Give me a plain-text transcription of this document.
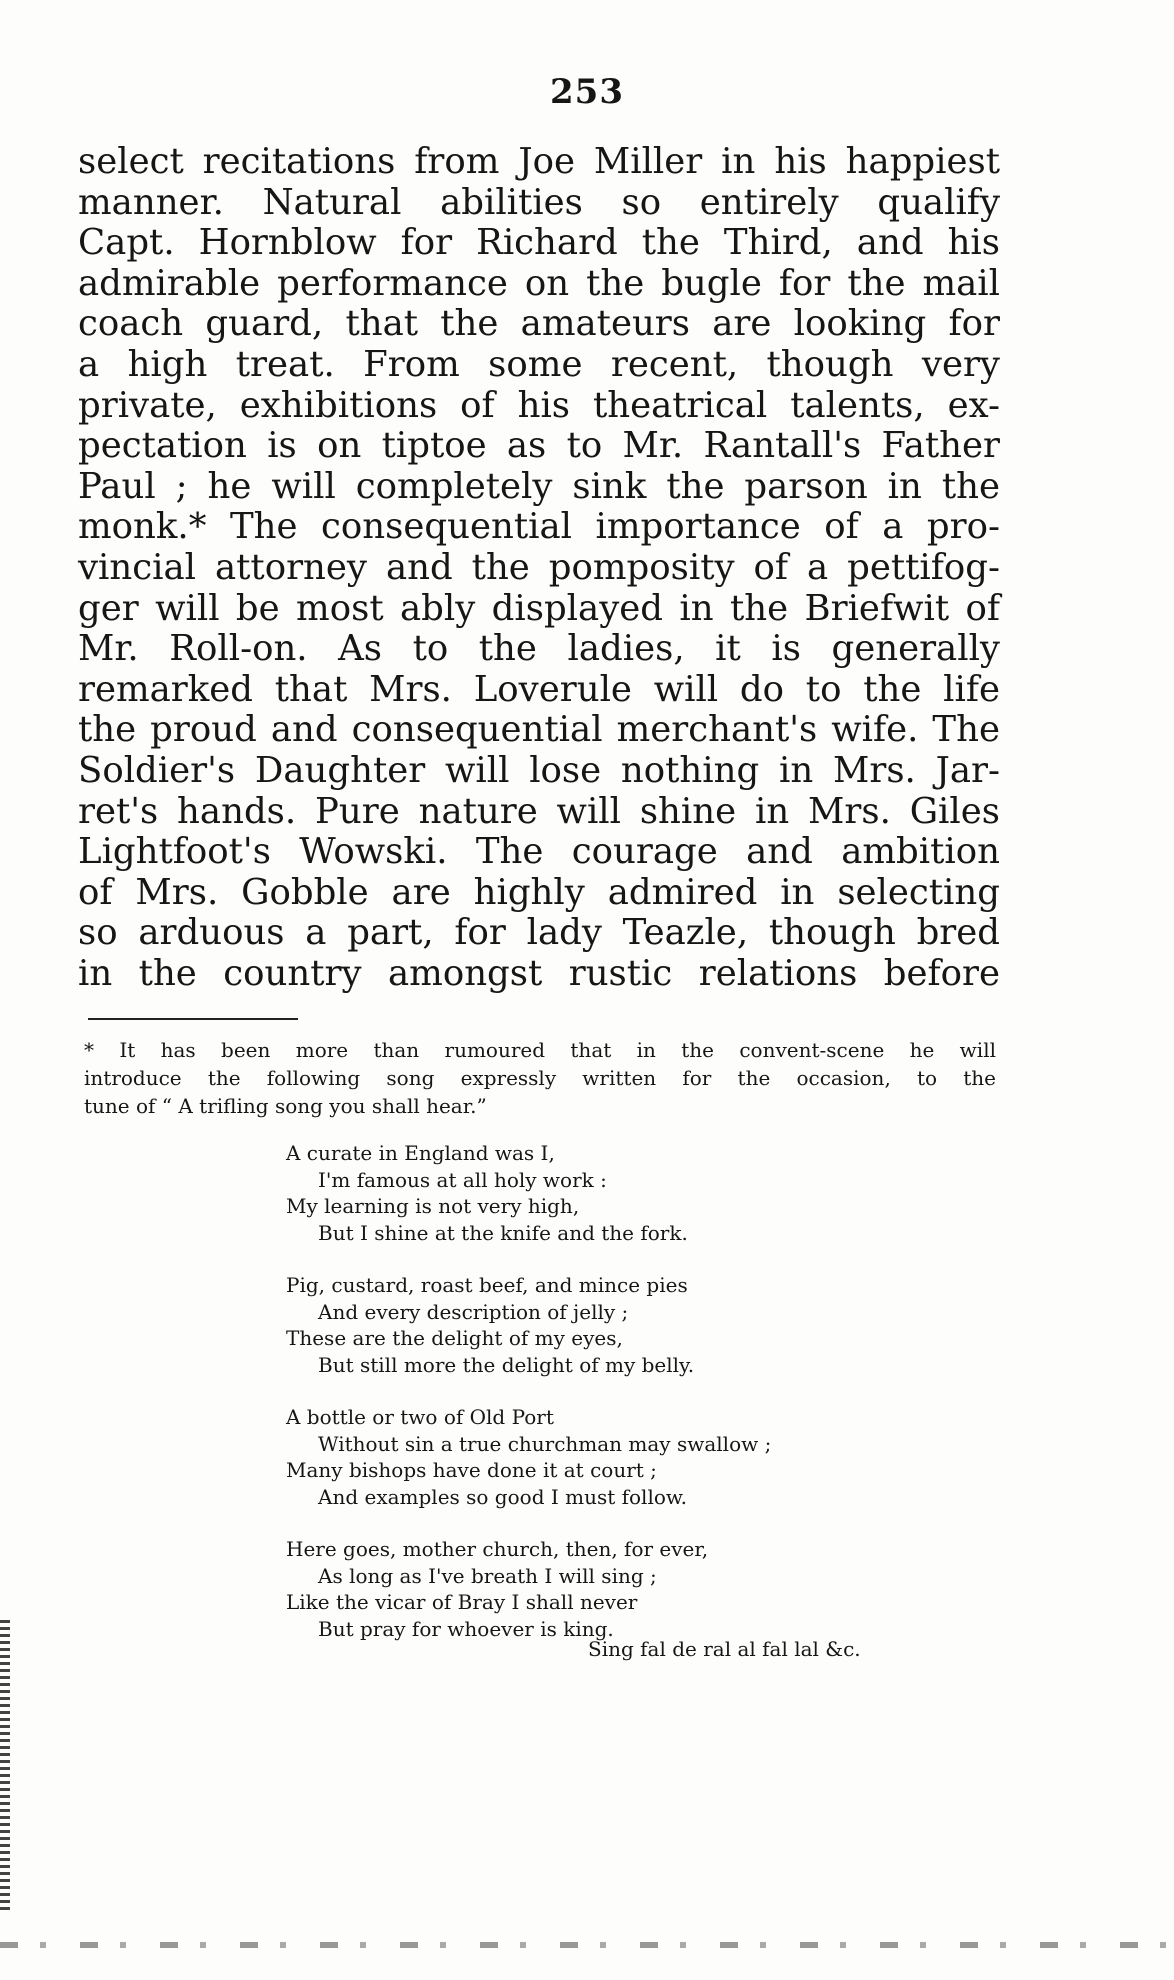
253
select recitations from Joe Miller in his happiest
manner. Natural abilities so entirely qualify
Capt. Hornblow for Richard the Third, and his
admirable performance on the bugle for the mail
coach guard, that the amateurs are looking for
a high treat. From some recent, though very
private, exhibitions of his theatrical talents, ex-
pectation is on tiptoe as to Mr. Rantall's Father
Paul ; he will completely sink the parson in the
monk.* The consequential importance of a pro-
vincial attorney and the pomposity of a pettifog-
ger will be most ably displayed in the Briefwit of
Mr. Roll-on. As to the ladies, it is generally
remarked that Mrs. Loverule will do to the life
the proud and consequential merchant's wife. The
Soldier's Daughter will lose nothing in Mrs. Jar-
ret's hands. Pure nature will shine in Mrs. Giles
Lightfoot's Wowski. The courage and ambition
of Mrs. Gobble are highly admired in selecting
so arduous a part, for lady Teazle, though bred
in the country amongst rustic relations before
* It has been more than rumoured that in the convent-scene he will
introduce the following song expressly written for the occasion, to the
tune of “ A trifling song you shall hear.”
A curate in England was I,
I'm famous at all holy work :
My learning is not very high,
But I shine at the knife and the fork.
Pig, custard, roast beef, and mince pies
And every description of jelly ;
These are the delight of my eyes,
But still more the delight of my belly.
A bottle or two of Old Port
Without sin a true churchman may swallow ;
Many bishops have done it at court ;
And examples so good I must follow.
Here goes, mother church, then, for ever,
As long as I've breath I will sing ;
Like the vicar of Bray I shall never
But pray for whoever is king.
Sing fal de ral al fal lal &c.
